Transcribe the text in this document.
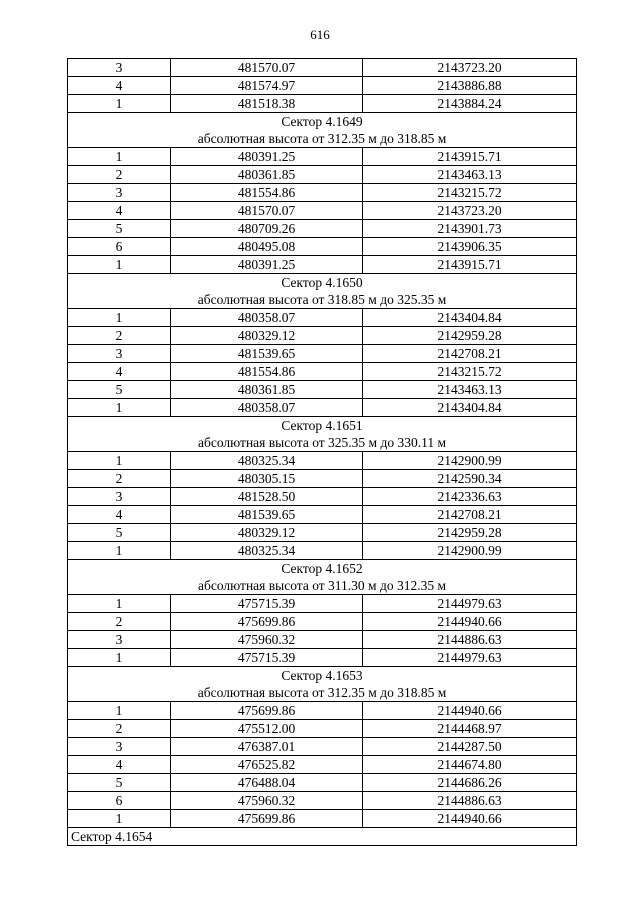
616
3	481570.07	2143723.20
4	481574.97	2143886.88
1	481518.38	2143884.24
Сектор 4.1649		
абсолютная высота от 312.35 м до 318.85 м		
1	480391.25	2143915.71
2	480361.85	2143463.13
3	481554.86	2143215.72
4	481570.07	2143723.20
5	480709.26	2143901.73
6	480495.08	2143906.35
1	480391.25	2143915.71
Сектор 4.1650		
абсолютная высота от 318.85 м до 325.35 м		
1	480358.07	2143404.84
2	480329.12	2142959.28
3	481539.65	2142708.21
4	481554.86	2143215.72
5	480361.85	2143463.13
1	480358.07	2143404.84
Сектор 4.1651		
абсолютная высота от 325.35 м до 330.11 м		
1	480325.34	2142900.99
2	480305.15	2142590.34
3	481528.50	2142336.63
4	481539.65	2142708.21
5	480329.12	2142959.28
1	480325.34	2142900.99
Сектор 4.1652		
абсолютная высота от 311.30 м до 312.35 м		
1	475715.39	2144979.63
2	475699.86	2144940.66
3	475960.32	2144886.63
1	475715.39	2144979.63
Сектор 4.1653		
абсолютная высота от 312.35 м до 318.85 м		
1	475699.86	2144940.66
2	475512.00	2144468.97
3	476387.01	2144287.50
4	476525.82	2144674.80
5	476488.04	2144686.26
6	475960.32	2144886.63
1	475699.86	2144940.66
Сектор 4.1654		
